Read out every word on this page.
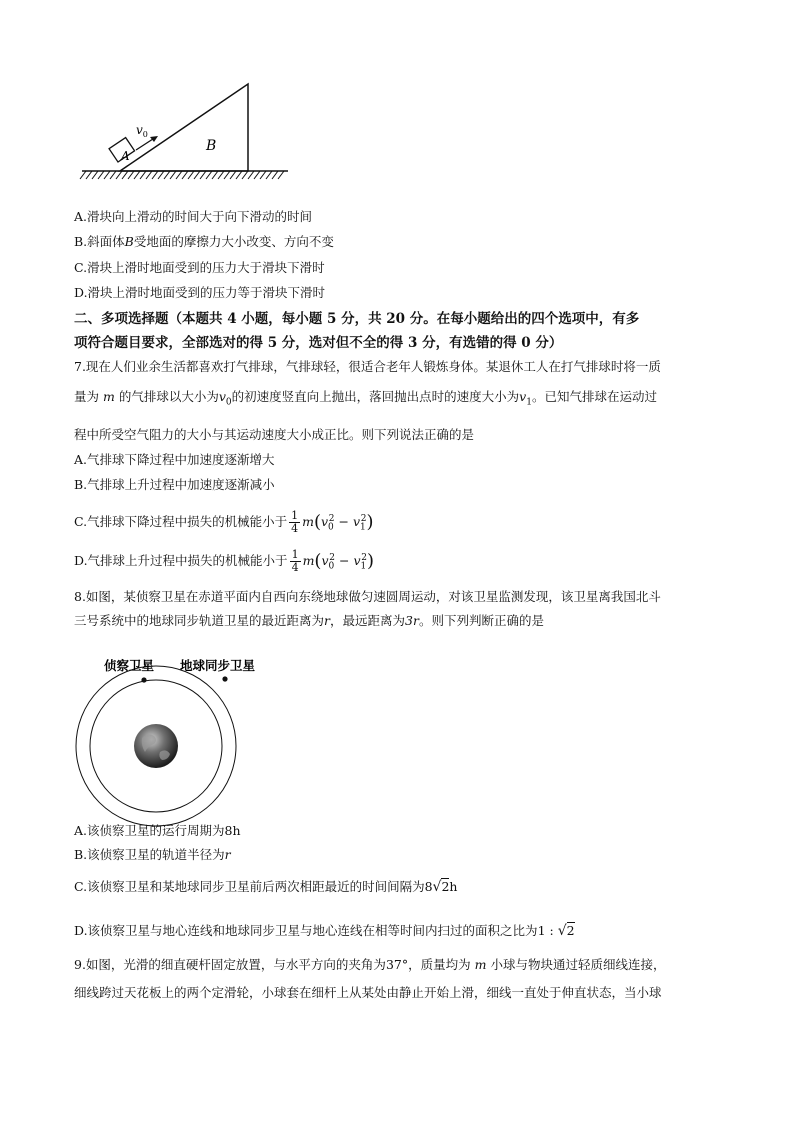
$v_0$
A
B
A.滑块向上滑动的时间大于向下滑动的时间
B.斜面体B受地面的摩擦力大小改变、方向不变
C.滑块上滑时地面受到的压力大于滑块下滑时
D.滑块上滑时地面受到的压力等于滑块下滑时
二、多项选择题（本题共 4 小题，每小题 5 分，共 20 分。在每小题给出的四个选项中，有多
项符合题目要求，全部选对的得 5 分，选对但不全的得 3 分，有选错的得 0 分）
7.现在人们业余生活都喜欢打气排球，气排球轻，很适合老年人锻炼身体。某退休工人在打气排球时将一质
量为 m 的气排球以大小为$v_0$的初速度竖直向上抛出，落回抛出点时的速度大小为$v_1$。已知气排球在运动过
程中所受空气阻力的大小与其运动速度大小成正比。则下列说法正确的是
A.气排球下降过程中加速度逐渐增大
B.气排球上升过程中加速度逐渐减小
C.气排球下降过程中损失的机械能小于 $\frac{1}{4} m(v_0^2 - v_1^2)$
D.气排球上升过程中损失的机械能小于 $\frac{1}{4} m(v_0^2 - v_1^2)$
8.如图，某侦察卫星在赤道平面内自西向东绕地球做匀速圆周运动，对该卫星监测发现，该卫星离我国北斗
三号系统中的地球同步轨道卫星的最近距离为r，最远距离为3r。则下列判断正确的是
侦察卫星 地球同步卫星
A.该侦察卫星的运行周期为8h
B.该侦察卫星的轨道半径为r
C.该侦察卫星和某地球同步卫星前后两次相距最近的时间间隔为8√2h
D.该侦察卫星与地心连线和地球同步卫星与地心连线在相等时间内扫过的面积之比为1 : √2
9.如图，光滑的细直硬杆固定放置，与水平方向的夹角为37°，质量均为 m 小球与物块通过轻质细线连接，
细线跨过天花板上的两个定滑轮，小球套在细杆上从某处由静止开始上滑，细线一直处于伸直状态，当小球
